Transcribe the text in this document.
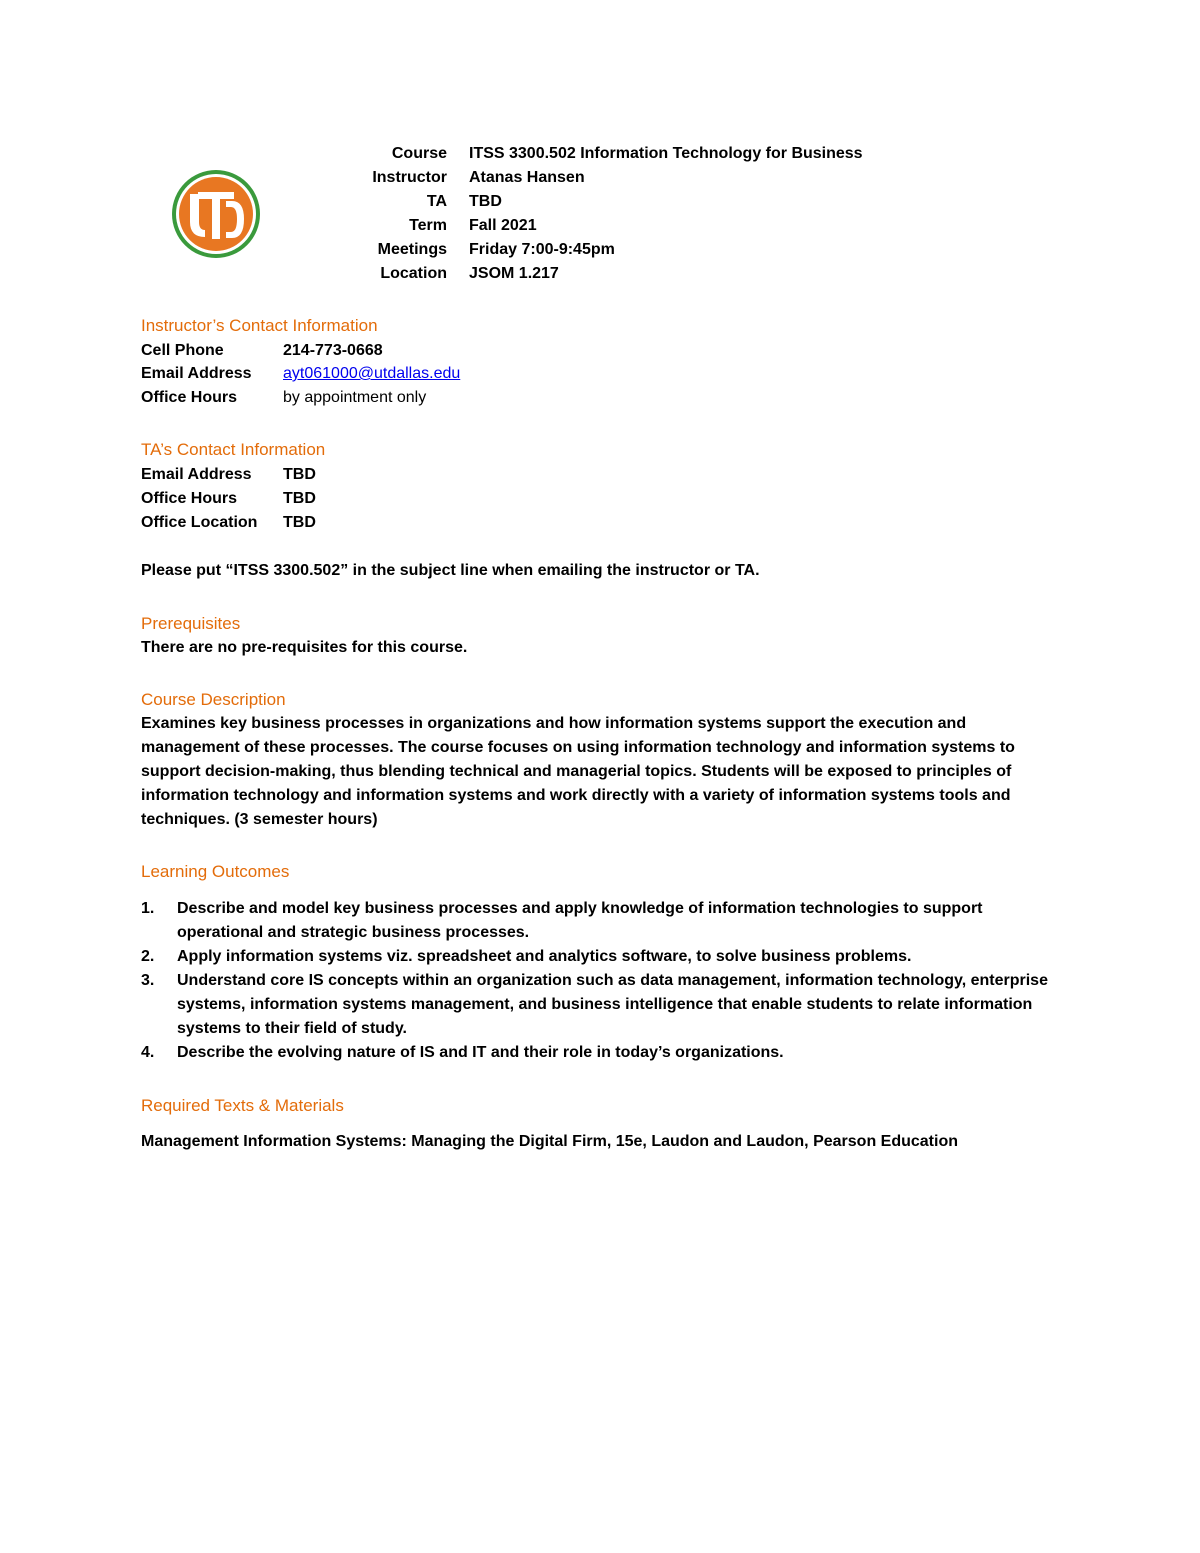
Course ITSS 3300.502 Information Technology for Business
Instructor Atanas Hansen
TA TBD
Term Fall 2021
Meetings Friday 7:00-9:45pm
Location JSOM 1.217
Instructor’s Contact Information
Cell Phone	214-773-0668
Email Address ayt061000@utdallas.edu
Office Hours	by appointment only
TA’s Contact Information
Email Address TBD
Office Hours	TBD
Office Location TBD
Please put “ITSS 3300.502” in the subject line when emailing the instructor or TA.
Prerequisites
There are no pre-requisites for this course.
Course Description
Examines key business processes in organizations and how information systems support the execution and management of these processes. The course focuses on using information technology and information systems to support decision-making, thus blending technical and managerial topics. Students will be exposed to principles of information technology and information systems and work directly with a variety of information systems tools and techniques. (3 semester hours)
Learning Outcomes
1. Describe and model key business processes and apply knowledge of information technologies to support operational and strategic business processes.
2. Apply information systems viz. spreadsheet and analytics software, to solve business problems.
3. Understand core IS concepts within an organization such as data management, information technology, enterprise systems, information systems management, and business intelligence that enable students to relate information systems to their field of study.
4. Describe the evolving nature of IS and IT and their role in today’s organizations.
Required Texts & Materials
Management Information Systems: Managing the Digital Firm, 15e, Laudon and Laudon, Pearson Education
